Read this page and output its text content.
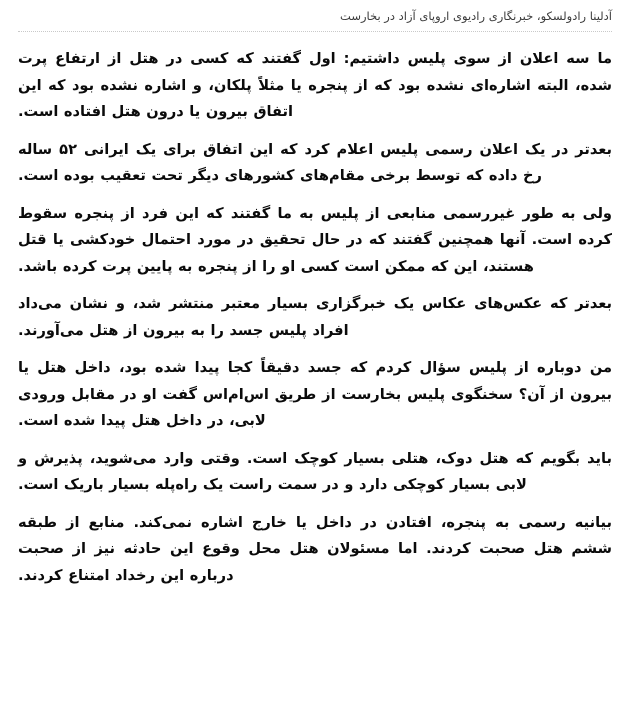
آدلینا رادولسکو، خبرنگاری رادیوی اروپای آزاد در بخارست

ما سه اعلان از سوی پلیس داشتیم: اول گفتند که کسی در هتل از ارتفاع پرت شده، البته اشاره‌ای نشده بود که از پنجره یا مثلاً پلکان، و اشاره نشده بود که این اتفاق بیرون یا درون هتل افتاده است.

بعدتر در یک اعلان رسمی پلیس اعلام کرد که این اتفاق برای یک ایرانی ۵۲ ساله رخ داده که توسط برخی مقام‌های کشورهای دیگر تحت تعقیب بوده است.

ولی به طور غیررسمی منابعی از پلیس به ما گفتند که این فرد از پنجره سقوط کرده است. آنها همچنین گفتند که در حال تحقیق در مورد احتمال خودکشی یا قتل هستند، این که ممکن است کسی او را از پنجره به پایین پرت کرده باشد.

بعدتر که عکس‌های عکاس یک خبرگزاری بسیار معتبر منتشر شد، و نشان می‌داد افراد پلیس جسد را به بیرون از هتل می‌آورند.

من دوباره از پلیس سؤال کردم که جسد دقیقاً کجا پیدا شده بود، داخل هتل یا بیرون از آن؟ سخنگوی پلیس بخارست از طریق اس‌ام‌اس گفت او در مقابل ورودی لابی، در داخل هتل پیدا شده است.

باید بگویم که هتل دوک، هتلی بسیار کوچک است. وقتی وارد می‌شوید، پذیرش و لابی بسیار کوچکی دارد و در سمت راست یک راه‌پله بسیار باریک است.

بیانیه رسمی به پنجره، افتادن در داخل یا خارج اشاره نمی‌کند. منابع از طبقه ششم هتل صحبت کردند. اما مسئولان هتل محل وقوع این حادثه نیز از صحبت درباره این رخداد امتناع کردند.
